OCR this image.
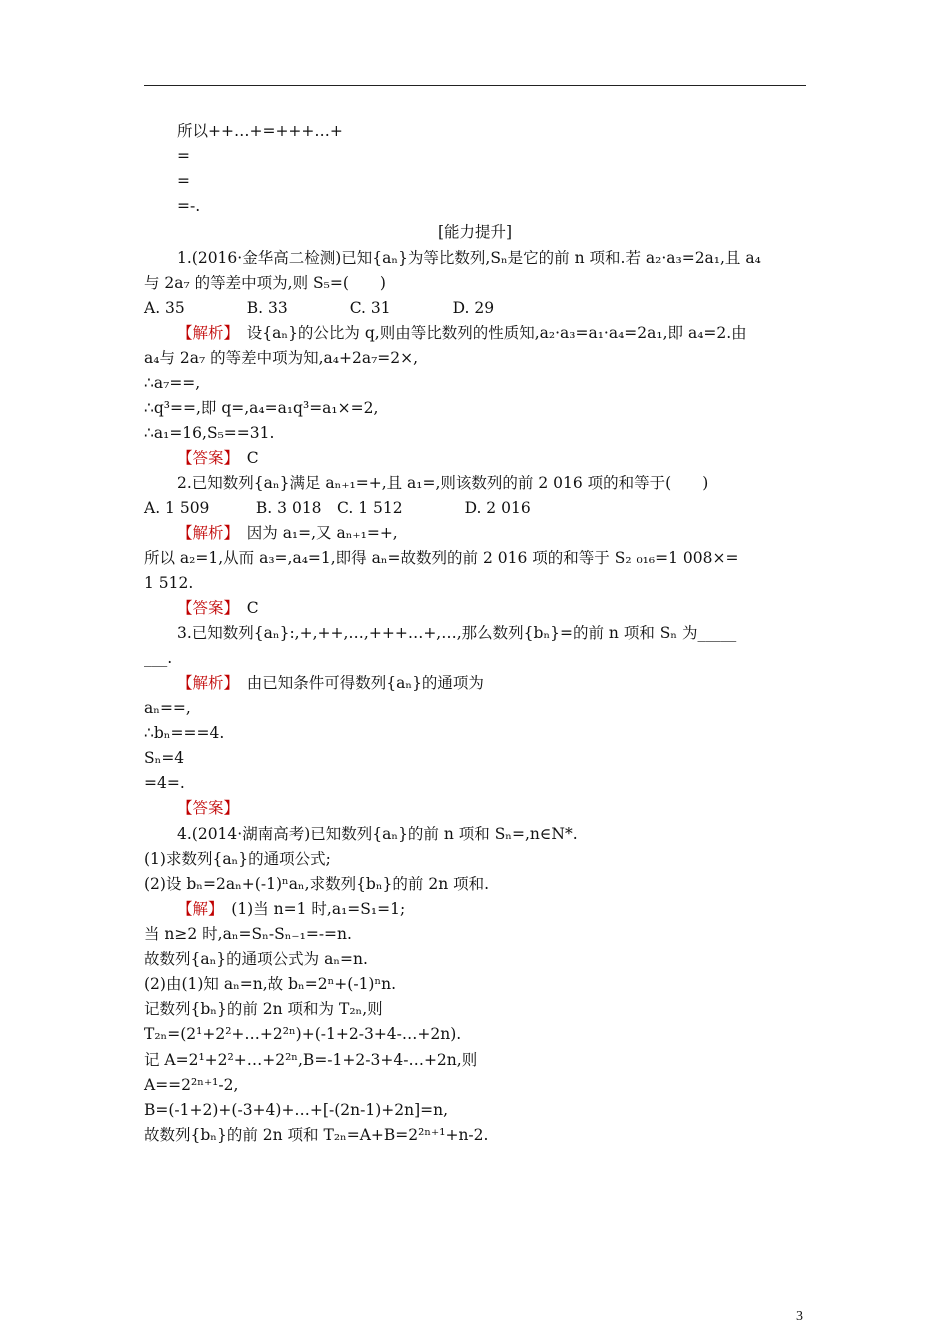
所以++…+=+++…+
=
=
=-.
[能力提升]
1.(2016·金华高二检测)已知{aₙ}为等比数列,Sₙ是它的前 n 项和.若 a₂·a₃=2a₁,且 a₄
与 2a₇ 的等差中项为,则 S₅=(　　)
A. 35　　　　B. 33　　　　C. 31　　　　D. 29
【解析】　设{aₙ}的公比为 q,则由等比数列的性质知,a₂·a₃=a₁·a₄=2a₁,即 a₄=2.由
a₄与 2a₇ 的等差中项为知,a₄+2a₇=2×,
∴a₇==,
∴q³==,即 q=,a₄=a₁q³=a₁×=2,
∴a₁=16,S₅==31.
【答案】　C
2.已知数列{aₙ}满足 aₙ₊₁=+,且 a₁=,则该数列的前 2 016 项的和等于(　　)
A. 1 509　　　B. 3 018　C. 1 512　　　　D. 2 016
【解析】　因为 a₁=,又 aₙ₊₁=+,
所以 a₂=1,从而 a₃=,a₄=1,即得 aₙ=故数列的前 2 016 项的和等于 S₂ ₀₁₆=1 008×=
1 512.
【答案】　C
3.已知数列{aₙ}:,+,++,…,+++…+,…,那么数列{bₙ}=的前 n 项和 Sₙ 为_____
___.
【解析】　由已知条件可得数列{aₙ}的通项为
aₙ==,
∴bₙ===4.
Sₙ=4
=4=.
【答案】
4.(2014·湖南高考)已知数列{aₙ}的前 n 项和 Sₙ=,n∈N*.
(1)求数列{aₙ}的通项公式;
(2)设 bₙ=2aₙ+(-1)ⁿaₙ,求数列{bₙ}的前 2n 项和.
【解】　(1)当 n=1 时,a₁=S₁=1;
当 n≥2 时,aₙ=Sₙ-Sₙ₋₁=-=n.
故数列{aₙ}的通项公式为 aₙ=n.
(2)由(1)知 aₙ=n,故 bₙ=2ⁿ+(-1)ⁿn.
记数列{bₙ}的前 2n 项和为 T₂ₙ,则
T₂ₙ=(2¹+2²+…+2²ⁿ)+(-1+2-3+4-…+2n).
记 A=2¹+2²+…+2²ⁿ,B=-1+2-3+4-…+2n,则
A==2²ⁿ⁺¹-2,
B=(-1+2)+(-3+4)+…+[-(2n-1)+2n]=n,
故数列{bₙ}的前 2n 项和 T₂ₙ=A+B=2²ⁿ⁺¹+n-2.
3
